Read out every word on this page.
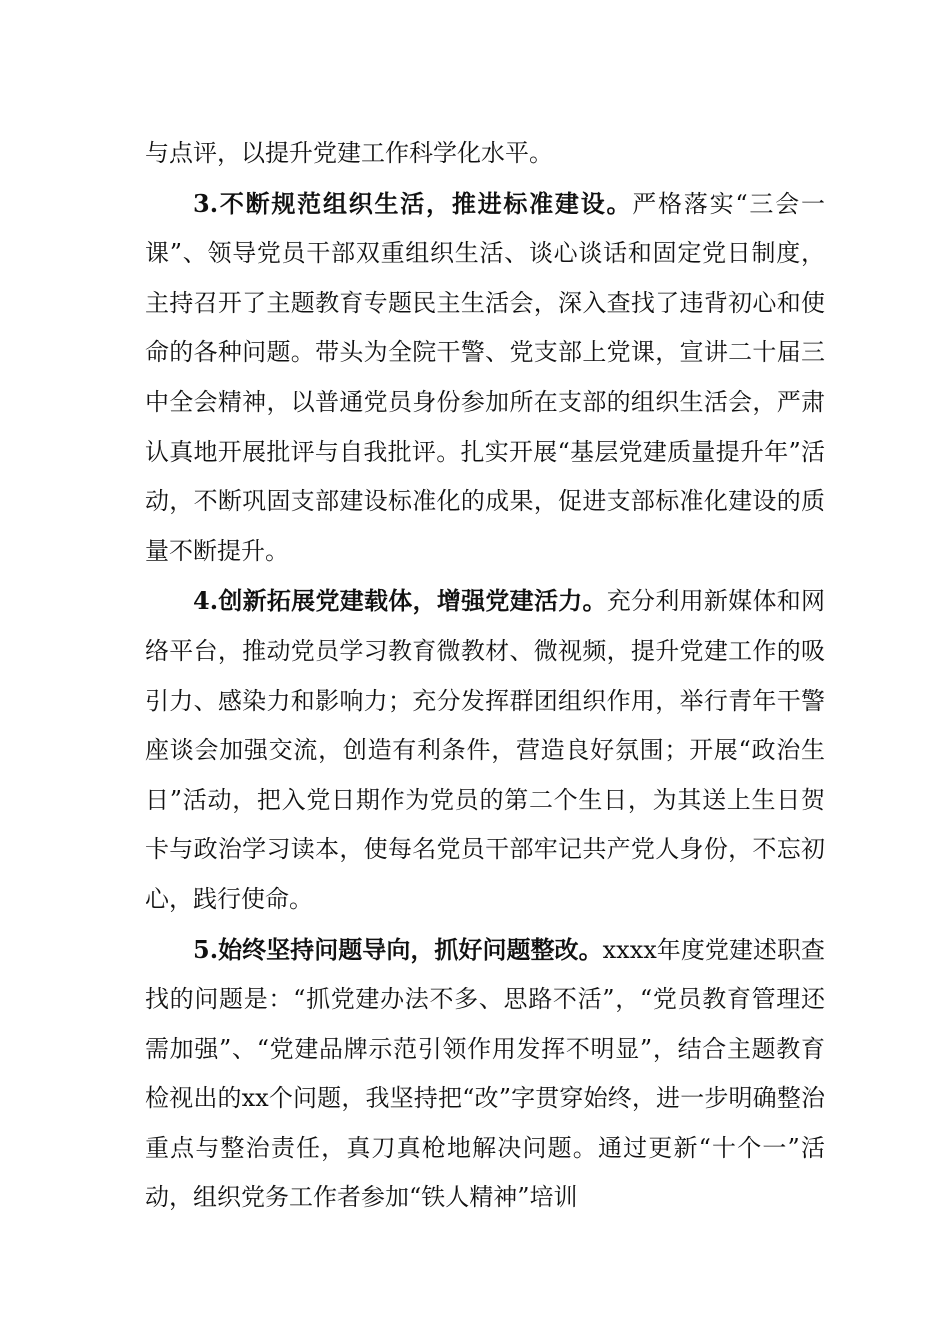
与点评，以提升党建工作科学化水平。

3.不断规范组织生活，推进标准建设。严格落实“三会一课”、领导党员干部双重组织生活、谈心谈话和固定党日制度，主持召开了主题教育专题民主生活会，深入查找了违背初心和使命的各种问题。带头为全院干警、党支部上党课，宣讲二十届三中全会精神，以普通党员身份参加所在支部的组织生活会，严肃认真地开展批评与自我批评。扎实开展“基层党建质量提升年”活动，不断巩固支部建设标准化的成果，促进支部标准化建设的质量不断提升。

4.创新拓展党建载体，增强党建活力。充分利用新媒体和网络平台，推动党员学习教育微教材、微视频，提升党建工作的吸引力、感染力和影响力；充分发挥群团组织作用，举行青年干警座谈会加强交流，创造有利条件，营造良好氛围；开展“政治生日”活动，把入党日期作为党员的第二个生日，为其送上生日贺卡与政治学习读本，使每名党员干部牢记共产党人身份，不忘初心，践行使命。

5.始终坚持问题导向，抓好问题整改。xxxx年度党建述职查找的问题是：“抓党建办法不多、思路不活”，“党员教育管理还需加强”、“党建品牌示范引领作用发挥不明显”，结合主题教育检视出的xx个问题，我坚持把“改”字贯穿始终，进一步明确整治重点与整治责任，真刀真枪地解决问题。通过更新“十个一”活动，组织党务工作者参加“铁人精神”培训
